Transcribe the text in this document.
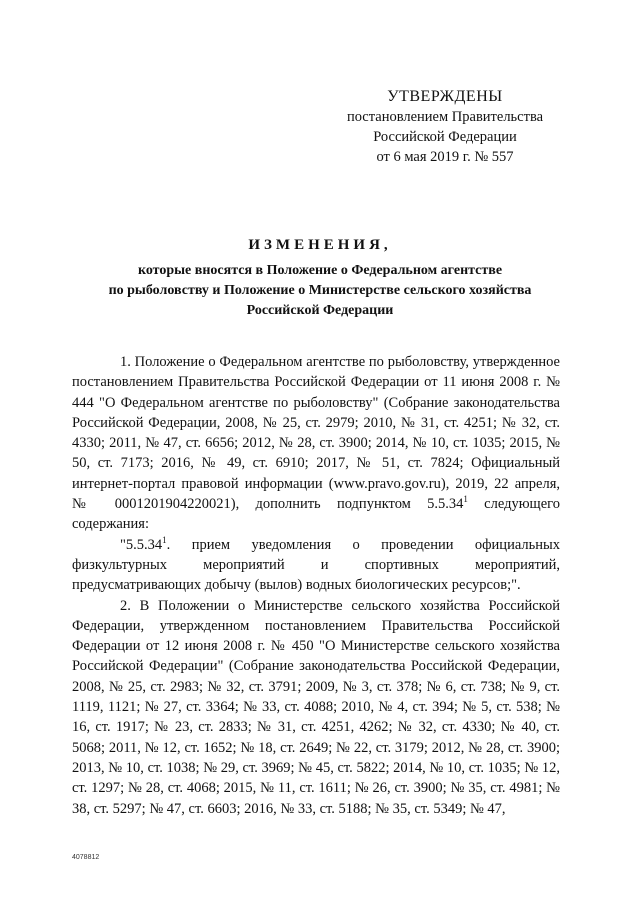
УТВЕРЖДЕНЫ
постановлением Правительства
Российской Федерации
от 6 мая 2019 г. № 557
ИЗМЕНЕНИЯ,
которые вносятся в Положение о Федеральном агентстве
по рыболовству и Положение о Министерстве сельского хозяйства
Российской Федерации

1. Положение о Федеральном агентстве по рыболовству, утвержденное постановлением Правительства Российской Федерации от 11 июня 2008 г. № 444 "О Федеральном агентстве по рыболовству" (Собрание законодательства Российской Федерации, 2008, № 25, ст. 2979; 2010, № 31, ст. 4251; № 32, ст. 4330; 2011, № 47, ст. 6656; 2012, № 28, ст. 3900; 2014, № 10, ст. 1035; 2015, № 50, ст. 7173; 2016, № 49, ст. 6910; 2017, № 51, ст. 7824; Официальный интернет-портал правовой информации (www.pravo.gov.ru), 2019, 22 апреля, № 0001201904220021), дополнить подпунктом 5.5.34$^1$ следующего содержания:

"5.5.34$^1$. прием уведомления о проведении официальных физкультурных мероприятий и спортивных мероприятий, предусматривающих добычу (вылов) водных биологических ресурсов;".

2. В Положении о Министерстве сельского хозяйства Российской Федерации, утвержденном постановлением Правительства Российской Федерации от 12 июня 2008 г. № 450 "О Министерстве сельского хозяйства Российской Федерации" (Собрание законодательства Российской Федерации, 2008, № 25, ст. 2983; № 32, ст. 3791; 2009, № 3, ст. 378; № 6, ст. 738; № 9, ст. 1119, 1121; № 27, ст. 3364; № 33, ст. 4088; 2010, № 4, ст. 394; № 5, ст. 538; № 16, ст. 1917; № 23, ст. 2833; № 31, ст. 4251, 4262; № 32, ст. 4330; № 40, ст. 5068; 2011, № 12, ст. 1652; № 18, ст. 2649; № 22, ст. 3179; 2012, № 28, ст. 3900; 2013, № 10, ст. 1038; № 29, ст. 3969; № 45, ст. 5822; 2014, № 10, ст. 1035; № 12, ст. 1297; № 28, ст. 4068; 2015, № 11, ст. 1611; № 26, ст. 3900; № 35, ст. 4981; № 38, ст. 5297; № 47, ст. 6603; 2016, № 33, ст. 5188; № 35, ст. 5349; № 47,

4078812
